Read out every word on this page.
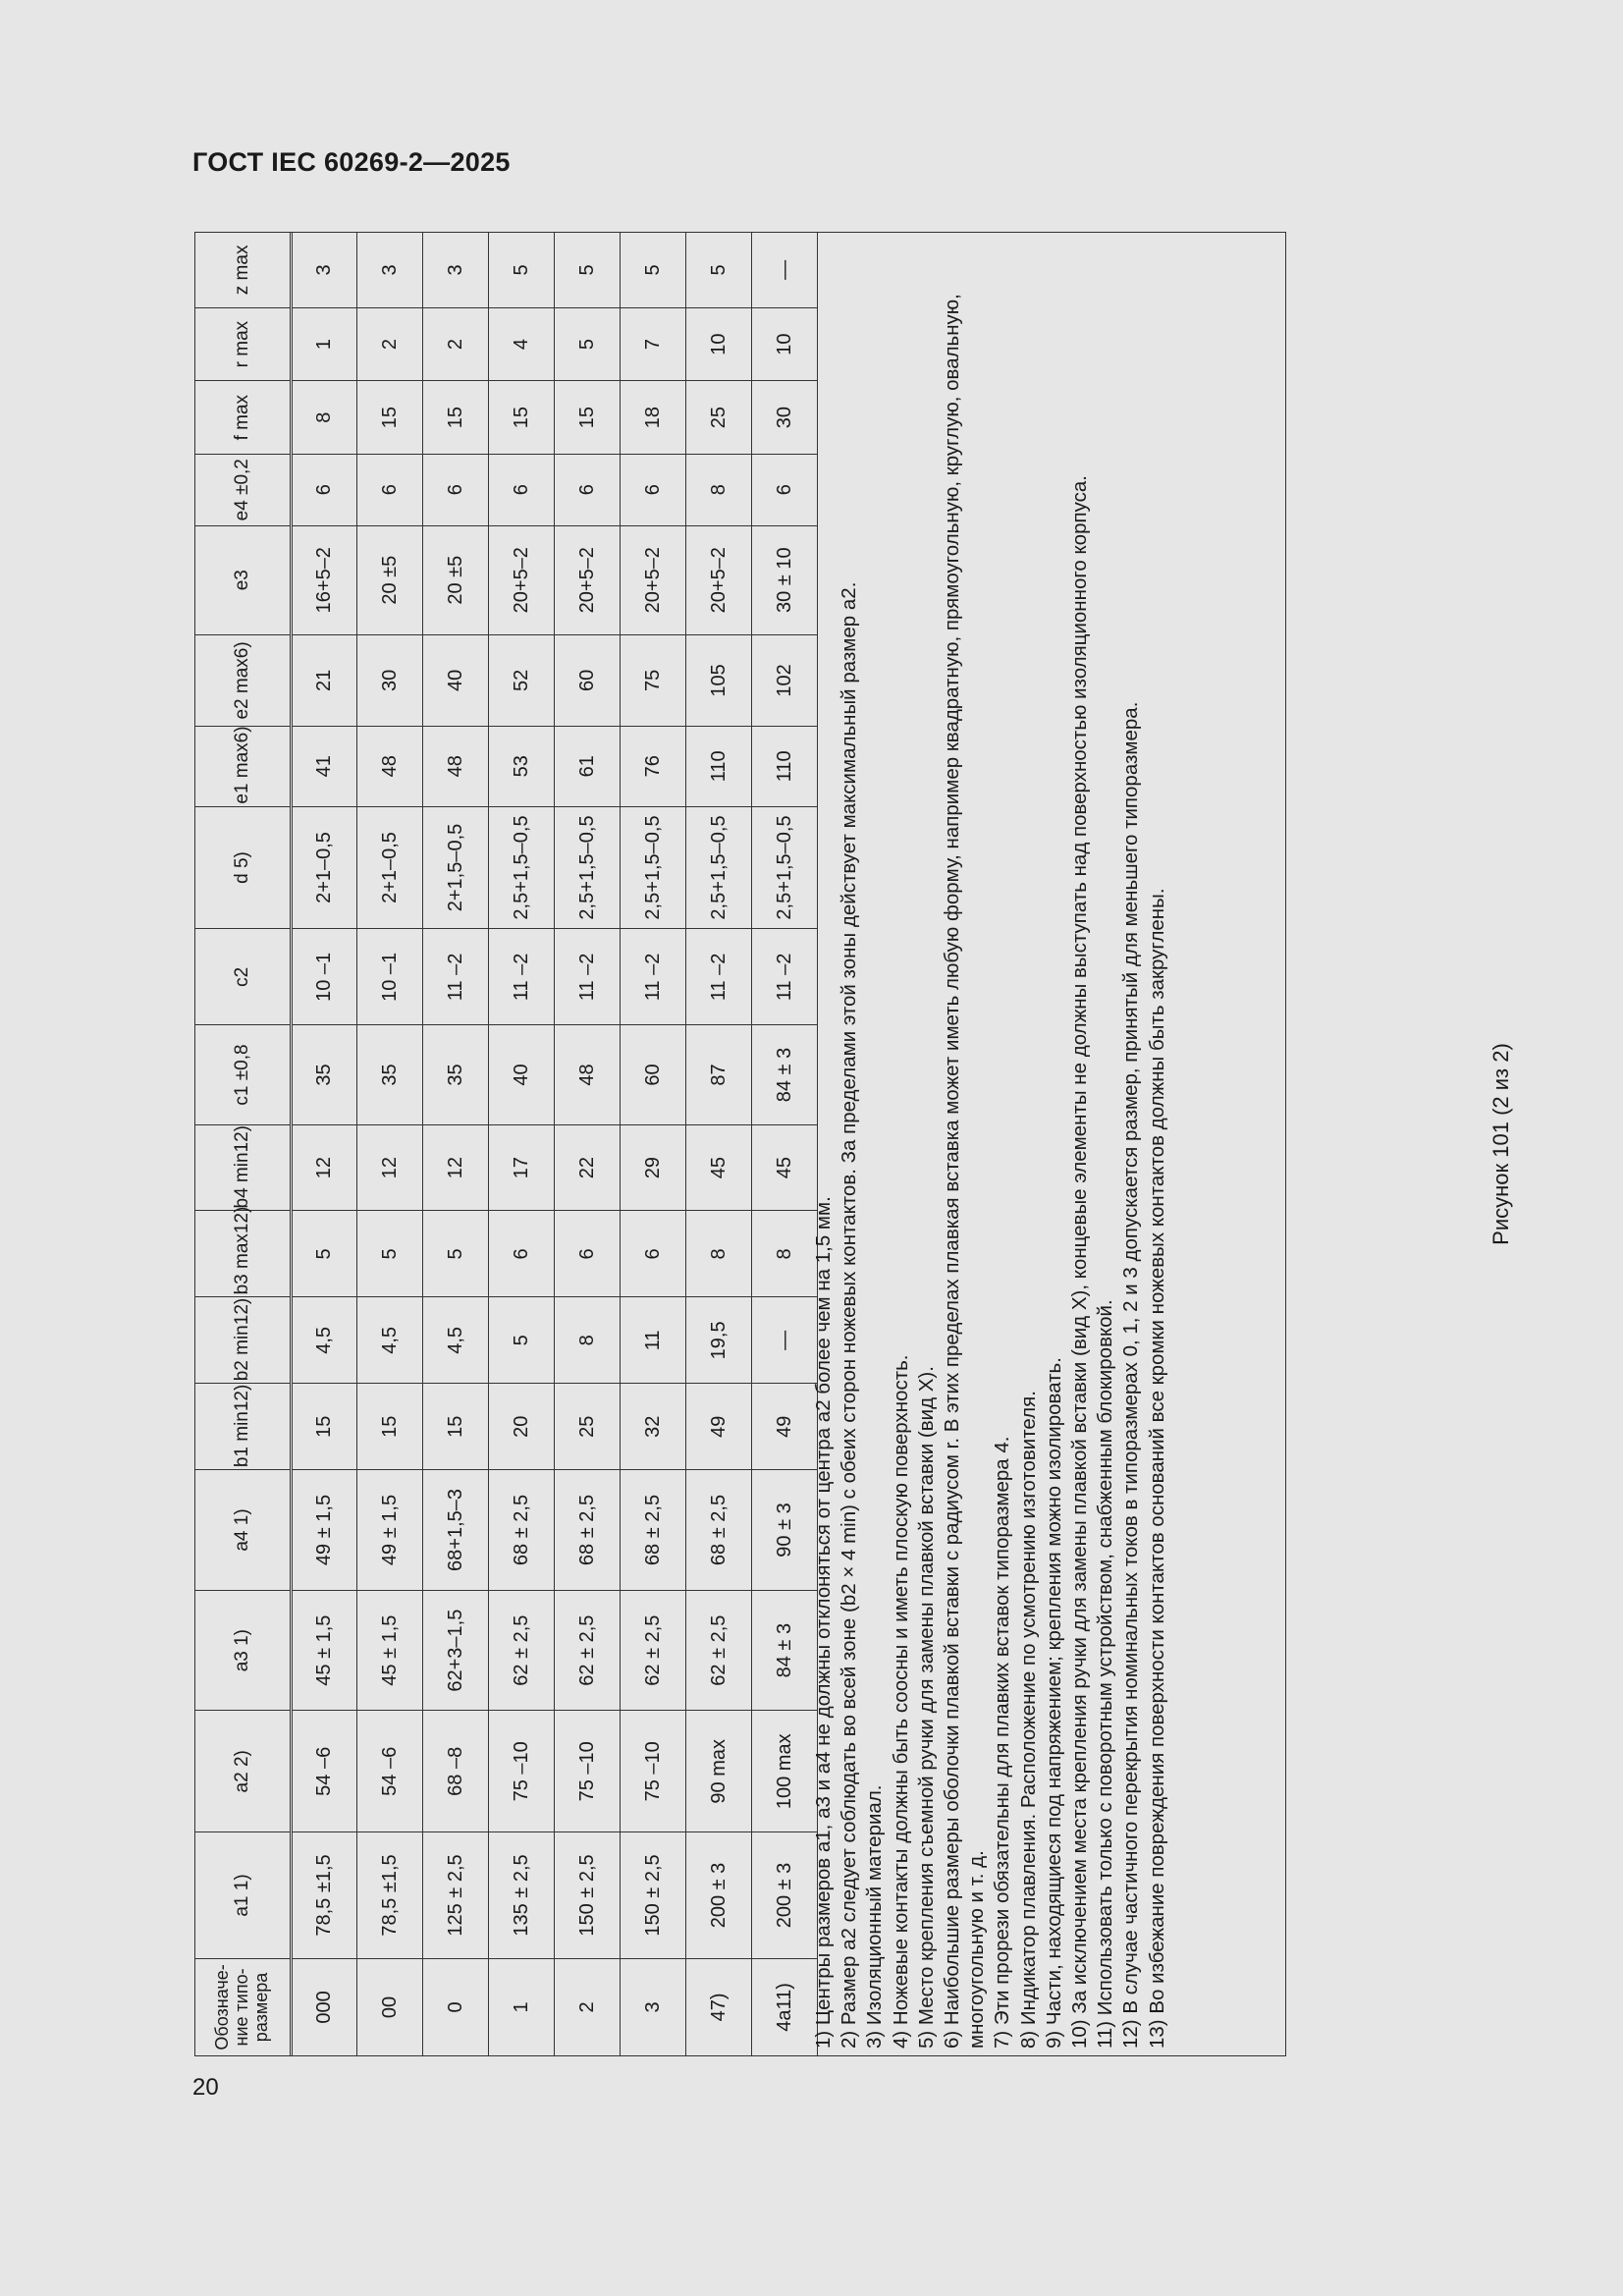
ГОСТ IEC 60269-2—2025
Обозначе-ние типо-размера	a1 1)	a2 2)	a3 1)	a4 1)	b1 min12)	b2 min12)	b3 max12)	b4 min12)	c1 ±0,8	c2	d 5)	e1 max6)	e2 max6)	e3	e4 ±0,2	f max	r max	z max
000	78,5 ±1,5	54 –6	45 ± 1,5	49 ± 1,5	15	4,5	5	12	35	10 –1	2+1–0,5	41	21	16+5–2	6	8	1	3
00	78,5 ±1,5	54 –6	45 ± 1,5	49 ± 1,5	15	4,5	5	12	35	10 –1	2+1–0,5	48	30	20 ±5	6	15	2	3
0	125 ± 2,5	68 –8	62+3–1,5	68+1,5–3	15	4,5	5	12	35	11 –2	2+1,5–0,5	48	40	20 ±5	6	15	2	3
1	135 ± 2,5	75 –10	62 ± 2,5	68 ± 2,5	20	5	6	17	40	11 –2	2,5+1,5–0,5	53	52	20+5–2	6	15	4	5
2	150 ± 2,5	75 –10	62 ± 2,5	68 ± 2,5	25	8	6	22	48	11 –2	2,5+1,5–0,5	61	60	20+5–2	6	15	5	5
3	150 ± 2,5	75 –10	62 ± 2,5	68 ± 2,5	32	11	6	29	60	11 –2	2,5+1,5–0,5	76	75	20+5–2	6	18	7	5
47)	200 ± 3	90 max	62 ± 2,5	68 ± 2,5	49	19,5	8	45	87	11 –2	2,5+1,5–0,5	110	105	20+5–2	8	25	10	5
4a11)	200 ± 3	100 max	84 ± 3	90 ± 3	49	—	8	45	84 ± 3	11 –2	2,5+1,5–0,5	110	102	30 ± 10	6	30	10	—
1) Центры размеров a1, a3 и a4 не должны отклоняться от центра a2 более чем на 1,5 мм. 2) Размер a2 следует соблюдать во всей зоне (b2 × 4 min) с обеих сторон ножевых контактов. За пределами этой зоны действует максимальный размер a2. 3) Изоляционный материал. 4) Ножевые контакты должны быть соосны и иметь плоскую поверхность. 5) Место крепления съемной ручки для замены плавкой вставки (вид X). 6) Наибольшие размеры оболочки плавкой вставки с радиусом r. В этих пределах плавкая вставка может иметь любую форму, например квадратную, прямоугольную, круглую, овальную, многоугольную и т. д. 7) Эти прорези обязательны для плавких вставок типоразмера 4. 8) Индикатор плавления. Расположение по усмотрению изготовителя. 9) Части, находящиеся под напряжением; крепления можно изолировать. 10) За исключением места крепления ручки для замены плавкой вставки (вид X), концевые элементы не должны выступать над поверхностью изоляционного корпуса. 11) Использовать только с поворотным устройством, снабженным блокировкой. 12) В случае частичного перекрытия номинальных токов в типоразмерах 0, 1, 2 и 3 допускается размер, принятый для меньшего типоразмера. 13) Во избежание повреждения поверхности контактов оснований все кромки ножевых контактов должны быть закруглены.	Рисунок 101 (2 из 2)
20
